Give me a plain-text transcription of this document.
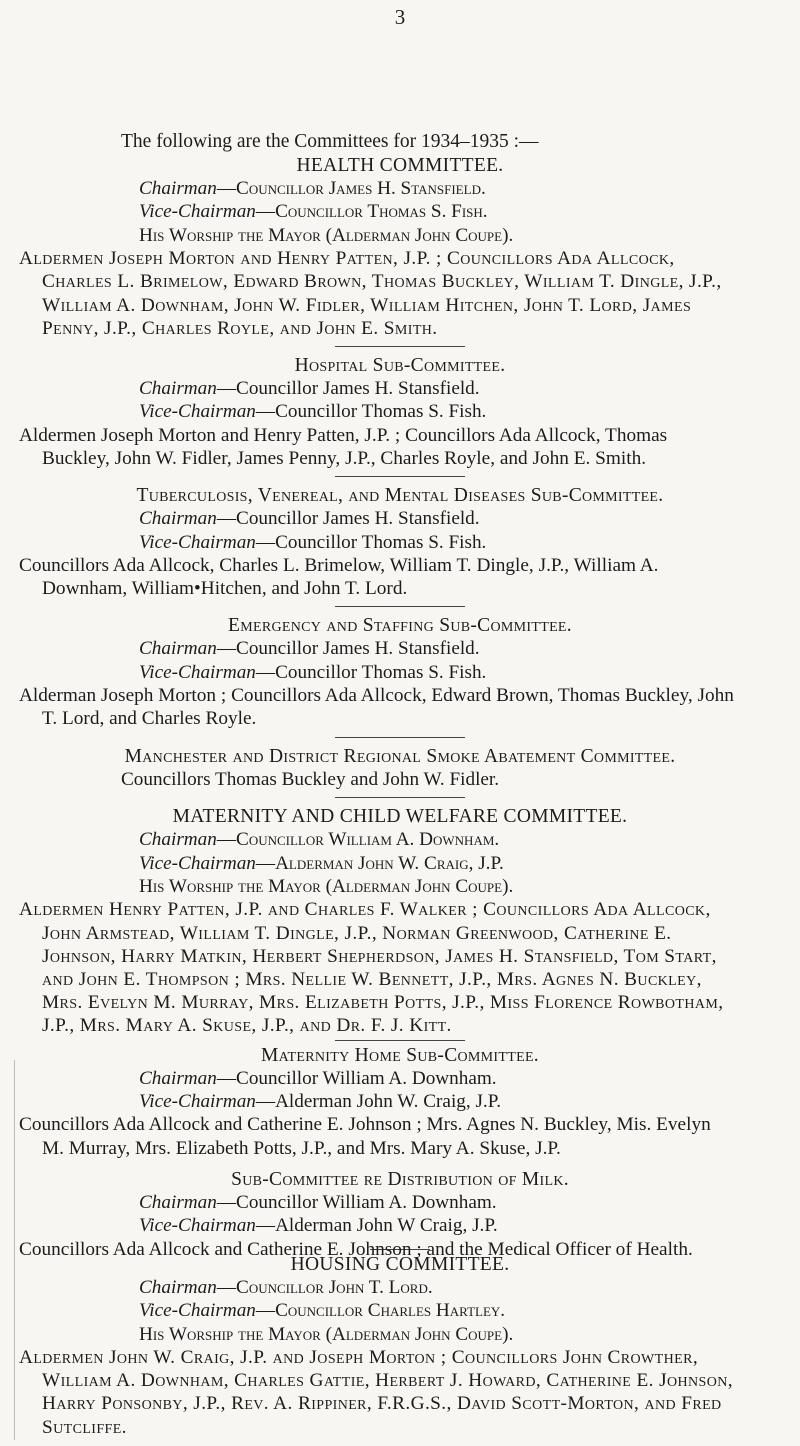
3
The following are the Committees for 1934–1935 :—
HEALTH COMMITTEE.
Chairman—Councillor James H. Stansfield.
Vice-Chairman—Councillor Thomas S. Fish.
His Worship the Mayor (Alderman John Coupe).
Aldermen Joseph Morton and Henry Patten, J.P. ; Councillors Ada Allcock, Charles L. Brimelow, Edward Brown, Thomas Buckley, William T. Dingle, J.P., William A. Downham, John W. Fidler, William Hitchen, John T. Lord, James Penny, J.P., Charles Royle, and John E. Smith.
Hospital Sub-Committee.
Chairman—Councillor James H. Stansfield.
Vice-Chairman—Councillor Thomas S. Fish.
Aldermen Joseph Morton and Henry Patten, J.P. ; Councillors Ada Allcock, Thomas Buckley, John W. Fidler, James Penny, J.P., Charles Royle, and John E. Smith.
Tuberculosis, Venereal, and Mental Diseases Sub-Committee.
Chairman—Councillor James H. Stansfield.
Vice-Chairman—Councillor Thomas S. Fish.
Councillors Ada Allcock, Charles L. Brimelow, William T. Dingle, J.P., William A. Downham, William•Hitchen, and John T. Lord.
Emergency and Staffing Sub-Committee.
Chairman—Councillor James H. Stansfield.
Vice-Chairman—Councillor Thomas S. Fish.
Alderman Joseph Morton ; Councillors Ada Allcock, Edward Brown, Thomas Buckley, John T. Lord, and Charles Royle.
Manchester and District Regional Smoke Abatement Committee.
Councillors Thomas Buckley and John W. Fidler.
MATERNITY AND CHILD WELFARE COMMITTEE.
Chairman—Councillor William A. Downham.
Vice-Chairman—Alderman John W. Craig, J.P.
His Worship the Mayor (Alderman John Coupe).
Aldermen Henry Patten, J.P. and Charles F. Walker ; Councillors Ada Allcock, John Armstead, William T. Dingle, J.P., Norman Greenwood, Catherine E. Johnson, Harry Matkin, Herbert Shepherdson, James H. Stansfield, Tom Start, and John E. Thompson ; Mrs. Nellie W. Bennett, J.P., Mrs. Agnes N. Buckley, Mrs. Evelyn M. Murray, Mrs. Elizabeth Potts, J.P., Miss Florence Rowbotham, J.P., Mrs. Mary A. Skuse, J.P., and Dr. F. J. Kitt.
Maternity Home Sub-Committee.
Chairman—Councillor William A. Downham.
Vice-Chairman—Alderman John W. Craig, J.P.
Councillors Ada Allcock and Catherine E. Johnson ; Mrs. Agnes N. Buckley, Mis. Evelyn M. Murray, Mrs. Elizabeth Potts, J.P., and Mrs. Mary A. Skuse, J.P.
Sub-Committee re Distribution of Milk.
Chairman—Councillor William A. Downham.
Vice-Chairman—Alderman John W Craig, J.P.
Councillors Ada Allcock and Catherine E. Johnson ; and the Medical Officer of Health.
HOUSING COMMITTEE.
Chairman—Councillor John T. Lord.
Vice-Chairman—Councillor Charles Hartley.
His Worship the Mayor (Alderman John Coupe).
Aldermen John W. Craig, J.P. and Joseph Morton ; Councillors John Crowther, William A. Downham, Charles Gattie, Herbert J. Howard, Catherine E. Johnson, Harry Ponsonby, J.P., Rev. A. Rippiner, F.R.G.S., David Scott-Morton, and Fred Sutcliffe.
